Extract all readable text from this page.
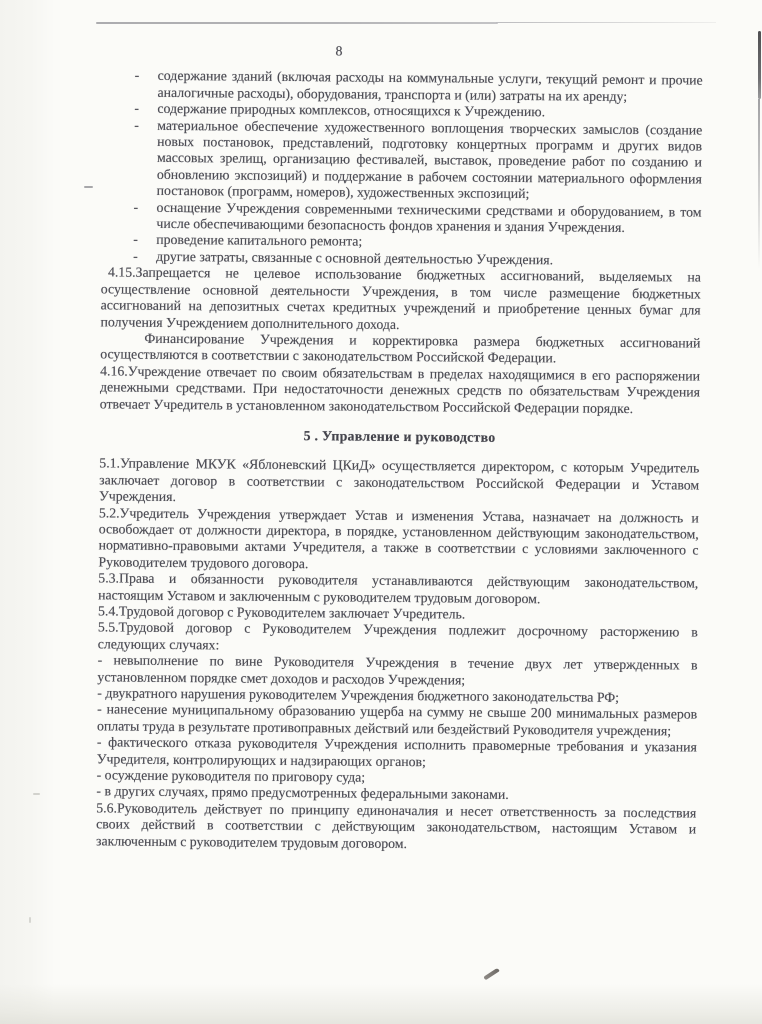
8
-	содержание зданий (включая расходы на коммунальные услуги, текущий ремонт и прочие аналогичные расходы), оборудования, транспорта и (или) затраты на их аренду;
-	содержание природных комплексов, относящихся к Учреждению.
-	материальное обеспечение художественного воплощения творческих замыслов (создание новых постановок, представлений, подготовку концертных программ и других видов массовых зрелищ, организацию фестивалей, выставок, проведение работ по созданию и обновлению экспозиций) и поддержание в рабочем состоянии материального оформления постановок (программ, номеров), художественных экспозиций;
-	оснащение Учреждения современными техническими средствами и оборудованием, в том числе обеспечивающими безопасность фондов хранения и здания Учреждения.
-	проведение капитального ремонта;
-	другие затраты, связанные с основной деятельностью Учреждения.

4.15.Запрещается не целевое использование бюджетных ассигнований, выделяемых на осуществление основной деятельности Учреждения, в том числе размещение бюджетных ассигнований на депозитных счетах кредитных учреждений и приобретение ценных бумаг для получения Учреждением дополнительного дохода.

Финансирование Учреждения и корректировка размера бюджетных ассигнований осуществляются в соответствии с законодательством Российской Федерации.

4.16.Учреждение отвечает по своим обязательствам в пределах находящимися в его распоряжении денежными средствами. При недостаточности денежных средств по обязательствам Учреждения отвечает Учредитель в установленном законодательством Российской Федерации порядке.

5 . Управление и руководство

5.1.Управление МКУК «Яблоневский ЦКиД» осуществляется директором, с которым Учредитель заключает договор в соответствии с законодательством Российской Федерации и Уставом Учреждения.

5.2.Учредитель Учреждения утверждает Устав и изменения Устава, назначает на должность и освобождает от должности директора, в порядке, установленном действующим законодательством, нормативно-правовыми актами Учредителя, а также в соответствии с условиями заключенного с Руководителем трудового договора.

5.3.Права и обязанности руководителя устанавливаются действующим законодательством, настоящим Уставом и заключенным с руководителем трудовым договором.

5.4.Трудовой договор с Руководителем заключает Учредитель.

5.5.Трудовой договор с Руководителем Учреждения подлежит досрочному расторжению в следующих случаях:

- невыполнение по вине Руководителя Учреждения в течение двух лет утвержденных в установленном порядке смет доходов и расходов Учреждения;

- двукратного нарушения руководителем Учреждения бюджетного законодательства РФ;

- нанесение муниципальному образованию ущерба на сумму не свыше 200 минимальных размеров оплаты труда в результате противоправных действий или бездействий Руководителя учреждения;

- фактического отказа руководителя Учреждения исполнить правомерные требования и указания Учредителя, контролирующих и надзирающих органов;

- осуждение руководителя по приговору суда;

- в других случаях, прямо предусмотренных федеральными законами.

5.6.Руководитель действует по принципу единоначалия и несет ответственность за последствия своих действий в соответствии с действующим законодательством, настоящим Уставом и заключенным с руководителем трудовым договором.
